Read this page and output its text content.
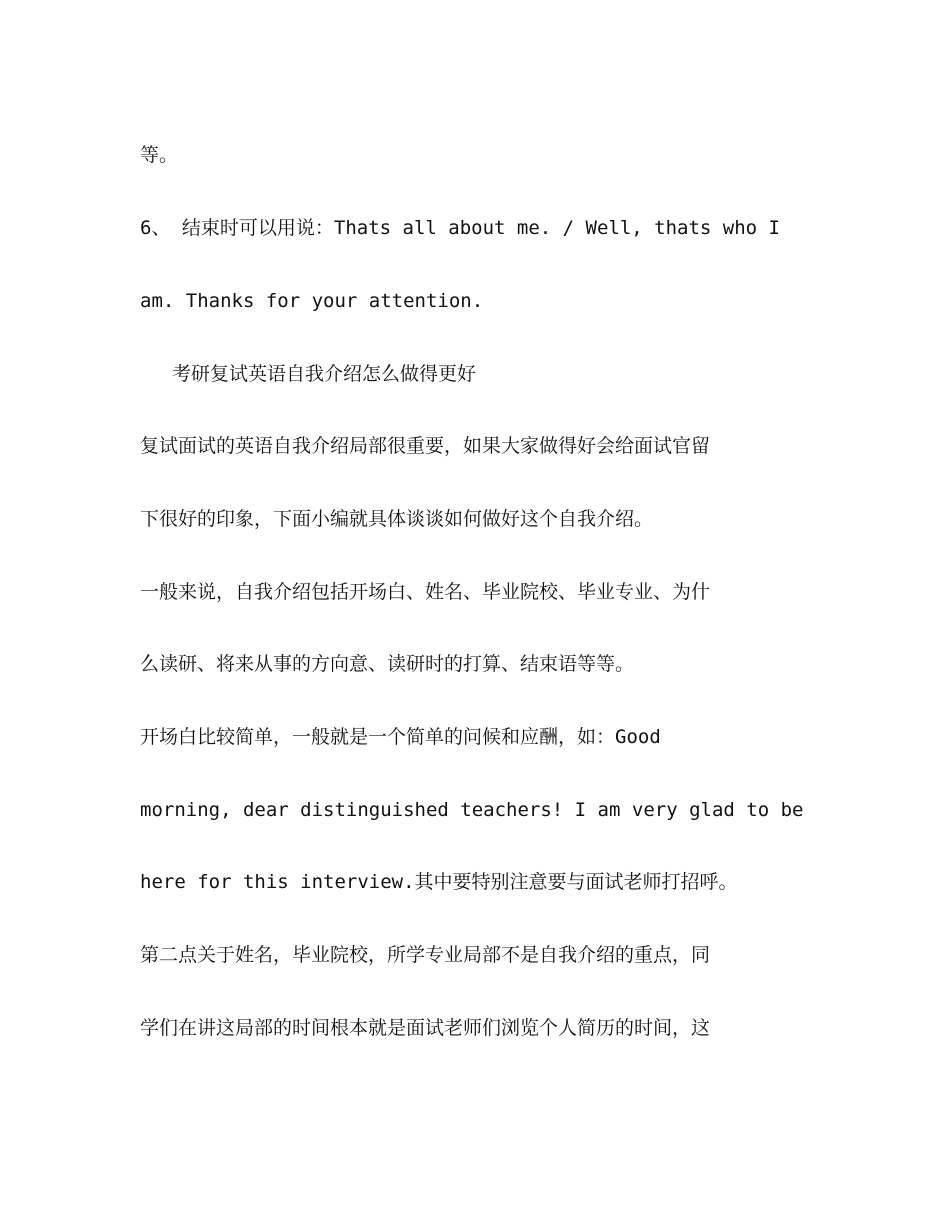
等。
6、 结束时可以用说：Thats all about me. / Well, thats who I
am. Thanks for your attention.
考研复试英语自我介绍怎么做得更好
复试面试的英语自我介绍局部很重要，如果大家做得好会给面试官留
下很好的印象，下面小编就具体谈谈如何做好这个自我介绍。
一般来说，自我介绍包括开场白、姓名、毕业院校、毕业专业、为什
么读研、将来从事的方向意、读研时的打算、结束语等等。
开场白比较简单，一般就是一个简单的问候和应酬，如：Good
morning, dear distinguished teachers! I am very glad to be
here for this interview.其中要特别注意要与面试老师打招呼。
第二点关于姓名，毕业院校，所学专业局部不是自我介绍的重点，同
学们在讲这局部的时间根本就是面试老师们浏览个人简历的时间，这
